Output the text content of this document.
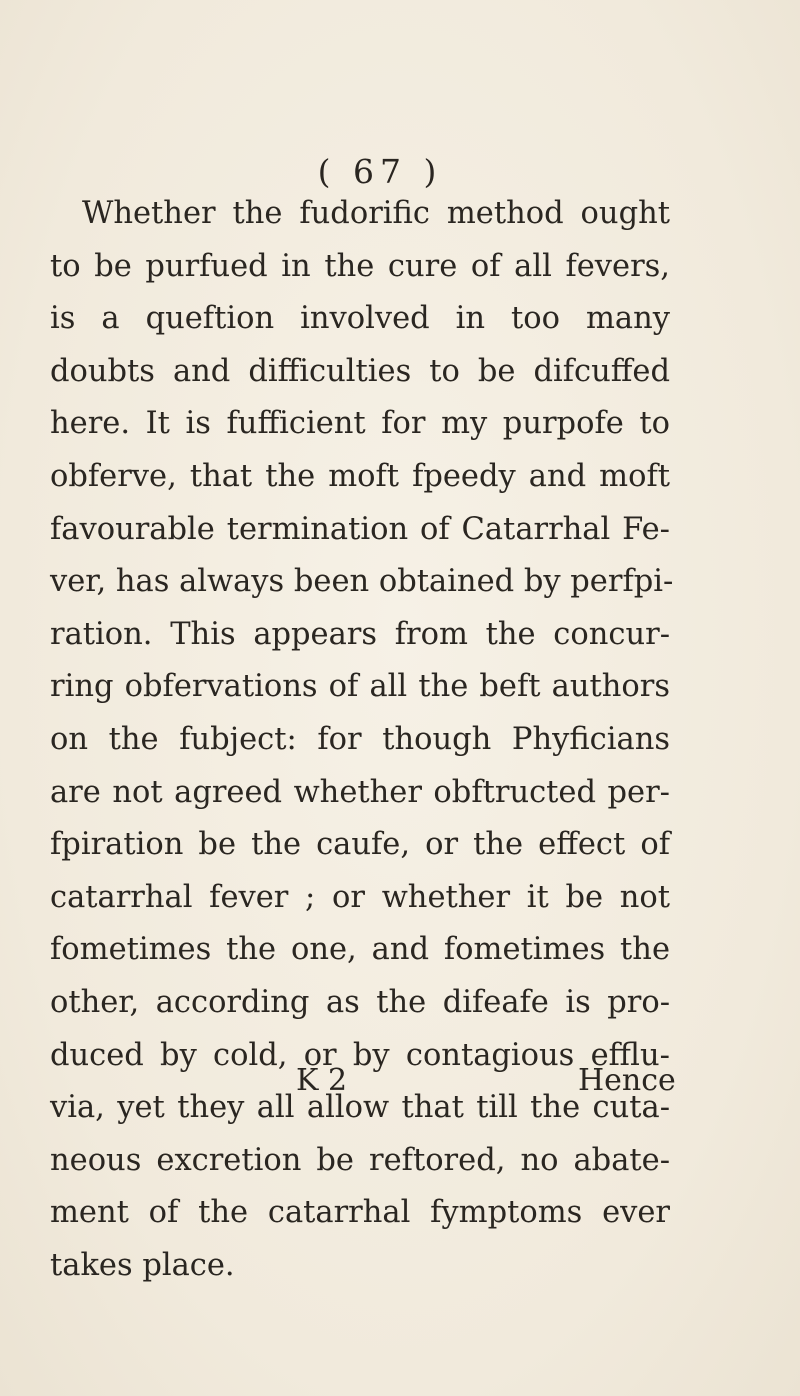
( 67 )
Whether the fudorific method ought
to be purfued in the cure of all fevers,
is a queftion involved in too many
doubts and difficulties to be difcuffed
here. It is fufficient for my purpofe to
obferve, that the moft fpeedy and moft
favourable termination of Catarrhal Fe-
ver, has always been obtained by perfpi-
ration. This appears from the concur-
ring obfervations of all the beft authors
on the fubject: for though Phyficians
are not agreed whether obftructed per-
fpiration be the caufe, or the effect of
catarrhal fever ; or whether it be not
fometimes the one, and fometimes the
other, according as the difeafe is pro-
duced by cold, or by contagious efflu-
via, yet they all allow that till the cuta-
neous excretion be reftored, no abate-
ment of the catarrhal fymptoms ever
takes place.
K 2	Hence
